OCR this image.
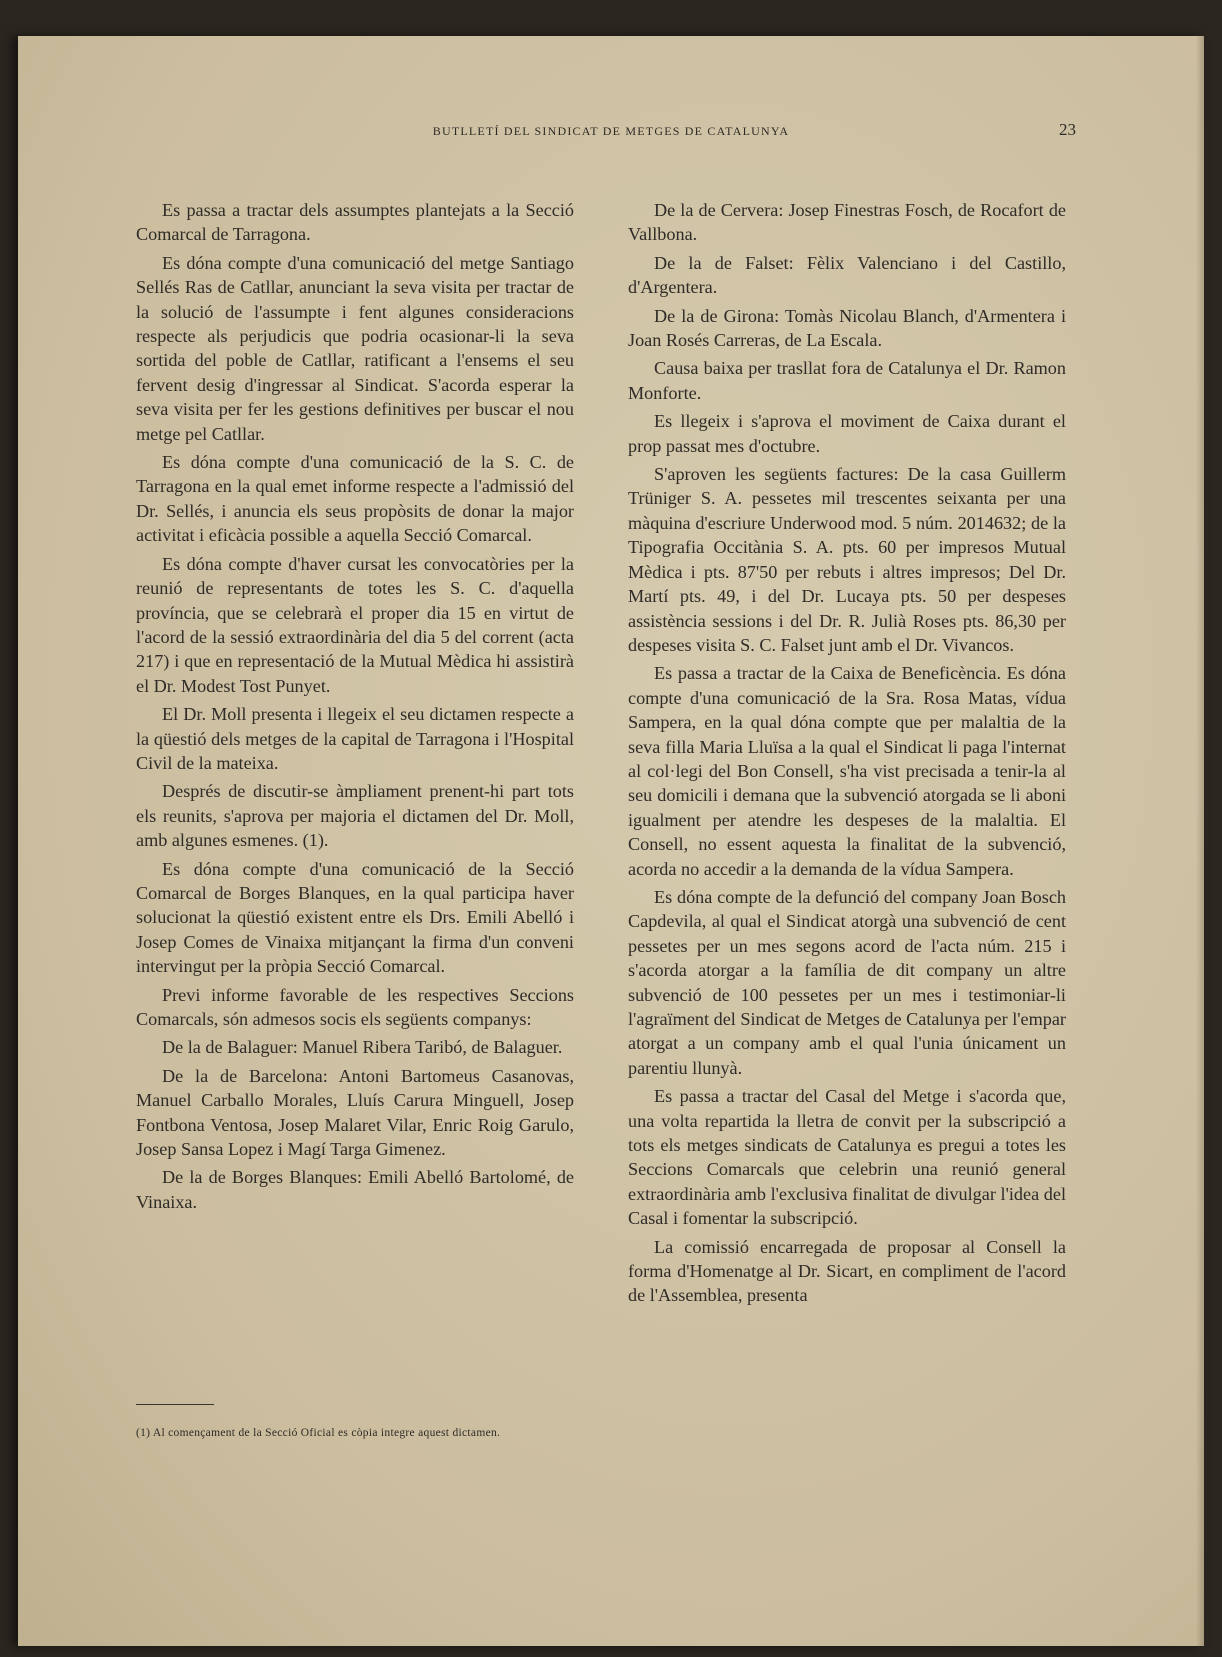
BUTLLETÍ DEL SINDICAT DE METGES DE CATALUNYA	23

Es passa a tractar dels assumptes plantejats a la Secció Comarcal de Tarragona.

Es dóna compte d'una comunicació del metge Santiago Sellés Ras de Catllar, anunciant la seva visita per tractar de la solució de l'assumpte i fent algunes consideracions respecte als perjudicis que podria ocasionar-li la seva sortida del poble de Catllar, ratificant a l'ensems el seu fervent desig d'ingressar al Sindicat. S'acorda esperar la seva visita per fer les gestions definitives per buscar el nou metge pel Catllar.

Es dóna compte d'una comunicació de la S. C. de Tarragona en la qual emet informe respecte a l'admissió del Dr. Sellés, i anuncia els seus propòsits de donar la major activitat i eficàcia possible a aquella Secció Comarcal.

Es dóna compte d'haver cursat les convocatòries per la reunió de representants de totes les S. C. d'aquella província, que se celebrarà el proper dia 15 en virtut de l'acord de la sessió extraordinària del dia 5 del corrent (acta 217) i que en representació de la Mutual Mèdica hi assistirà el Dr. Modest Tost Punyet.

El Dr. Moll presenta i llegeix el seu dictamen respecte a la qüestió dels metges de la capital de Tarragona i l'Hospital Civil de la mateixa.

Després de discutir-se àmpliament prenent-hi part tots els reunits, s'aprova per majoria el dictamen del Dr. Moll, amb algunes esmenes. (1).

Es dóna compte d'una comunicació de la Secció Comarcal de Borges Blanques, en la qual participa haver solucionat la qüestió existent entre els Drs. Emili Abelló i Josep Comes de Vinaixa mitjançant la firma d'un conveni intervingut per la pròpia Secció Comarcal.

Previ informe favorable de les respectives Seccions Comarcals, són admesos socis els següents companys:

De la de Balaguer: Manuel Ribera Taribó, de Balaguer.

De la de Barcelona: Antoni Bartomeus Casanovas, Manuel Carballo Morales, Lluís Carura Minguell, Josep Fontbona Ventosa, Josep Malaret Vilar, Enric Roig Garulo, Josep Sansa Lopez i Magí Targa Gimenez.

De la de Borges Blanques: Emili Abelló Bartolomé, de Vinaixa.

De la de Cervera: Josep Finestras Fosch, de Rocafort de Vallbona.

De la de Falset: Fèlix Valenciano i del Castillo, d'Argentera.

De la de Girona: Tomàs Nicolau Blanch, d'Armentera i Joan Rosés Carreras, de La Escala.

Causa baixa per trasllat fora de Catalunya el Dr. Ramon Monforte.

Es llegeix i s'aprova el moviment de Caixa durant el prop passat mes d'octubre.

S'aproven les següents factures: De la casa Guillerm Trüniger S. A. pessetes mil trescentes seixanta per una màquina d'escriure Underwood mod. 5 núm. 2014632; de la Tipografia Occitània S. A. pts. 60 per impresos Mutual Mèdica i pts. 87'50 per rebuts i altres impresos; Del Dr. Martí pts. 49, i del Dr. Lucaya pts. 50 per despeses assistència sessions i del Dr. R. Julià Roses pts. 86,30 per despeses visita S. C. Falset junt amb el Dr. Vivancos.

Es passa a tractar de la Caixa de Beneficència. Es dóna compte d'una comunicació de la Sra. Rosa Matas, vídua Sampera, en la qual dóna compte que per malaltia de la seva filla Maria Lluïsa a la qual el Sindicat li paga l'internat al col·legi del Bon Consell, s'ha vist precisada a tenir-la al seu domicili i demana que la subvenció atorgada se li aboni igualment per atendre les despeses de la malaltia. El Consell, no essent aquesta la finalitat de la subvenció, acorda no accedir a la demanda de la vídua Sampera.

Es dóna compte de la defunció del company Joan Bosch Capdevila, al qual el Sindicat atorgà una subvenció de cent pessetes per un mes segons acord de l'acta núm. 215 i s'acorda atorgar a la família de dit company un altre subvenció de 100 pessetes per un mes i testimoniar-li l'agraïment del Sindicat de Metges de Catalunya per l'empar atorgat a un company amb el qual l'unia únicament un parentiu llunyà.

Es passa a tractar del Casal del Metge i s'acorda que, una volta repartida la lletra de convit per la subscripció a tots els metges sindicats de Catalunya es pregui a totes les Seccions Comarcals que celebrin una reunió general extraordinària amb l'exclusiva finalitat de divulgar l'idea del Casal i fomentar la subscripció.

La comissió encarregada de proposar al Consell la forma d'Homenatge al Dr. Sicart, en compliment de l'acord de l'Assemblea, presenta

(1) Al començament de la Secció Oficial es còpia integre aquest dictamen.
